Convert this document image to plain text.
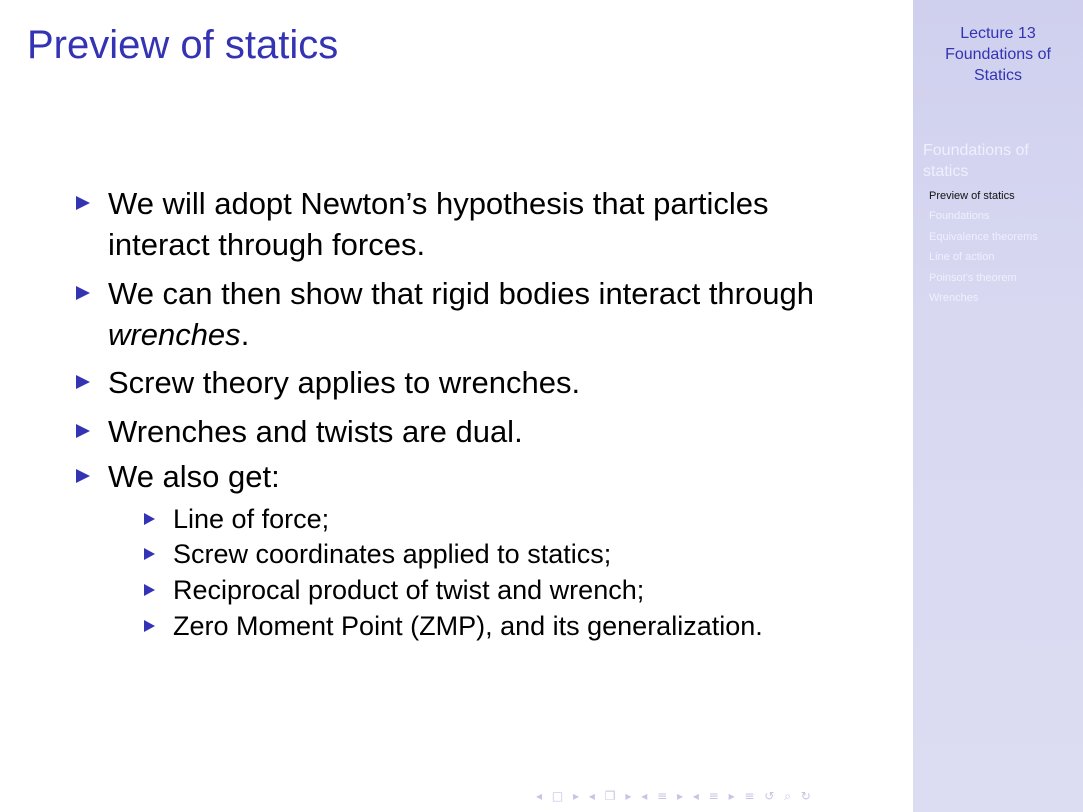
Preview of statics
We will adopt Newton’s hypothesis that particles interact through forces.
We can then show that rigid bodies interact through wrenches.
Screw theory applies to wrenches.
Wrenches and twists are dual.
We also get:
Line of force;
Screw coordinates applied to statics;
Reciprocal product of twist and wrench;
Zero Moment Point (ZMP), and its generalization.
◂ □ ▸ ◂ ❐ ▸ ◂ ≡ ▸ ◂ ≡ ▸ ≡ ↺ ⌕ ↻
Lecture 13
Foundations of
Statics
Foundations of statics
Preview of statics
Foundations
Equivalence theorems
Line of action
Poinsot's theorem
Wrenches
